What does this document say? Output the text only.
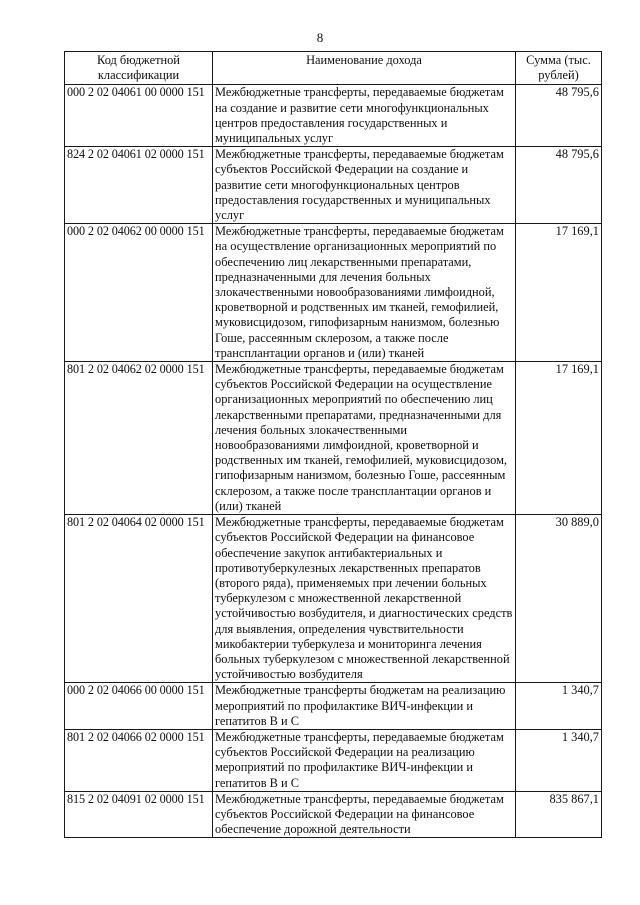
8
Код бюджетной классификации	Наименование дохода	Сумма (тыс. рублей)
000 2 02 04061 00 0000 151	Межбюджетные трансферты, передаваемые бюджетам на создание и развитие сети многофункциональных центров предоставления государственных и муниципальных услуг	48 795,6
824 2 02 04061 02 0000 151	Межбюджетные трансферты, передаваемые бюджетам субъектов Российской Федерации на создание и развитие сети многофункциональных центров предоставления государственных и муниципальных услуг	48 795,6
000 2 02 04062 00 0000 151	Межбюджетные трансферты, передаваемые бюджетам на осуществление организационных мероприятий по обеспечению лиц лекарственными препаратами, предназначенными для лечения больных злокачественными новообразованиями лимфоидной, кроветворной и родственных им тканей, гемофилией, муковисцидозом, гипофизарным нанизмом, болезнью Гоше, рассеянным склерозом, а также после трансплантации органов и (или) тканей	17 169,1
801 2 02 04062 02 0000 151	Межбюджетные трансферты, передаваемые бюджетам субъектов Российской Федерации на осуществление организационных мероприятий по обеспечению лиц лекарственными препаратами, предназначенными для лечения больных злокачественными новообразованиями лимфоидной, кроветворной и родственных им тканей, гемофилией, муковисцидозом, гипофизарным нанизмом, болезнью Гоше, рассеянным склерозом, а также после трансплантации органов и (или) тканей	17 169,1
801 2 02 04064 02 0000 151	Межбюджетные трансферты, передаваемые бюджетам субъектов Российской Федерации на финансовое обеспечение закупок антибактериальных и противотуберкулезных лекарственных препаратов (второго ряда), применяемых при лечении больных туберкулезом с множественной лекарственной устойчивостью возбудителя, и диагностических средств для выявления, определения чувствительности микобактерии туберкулеза и мониторинга лечения больных туберкулезом с множественной лекарственной устойчивостью возбудителя	30 889,0
000 2 02 04066 00 0000 151	Межбюджетные трансферты бюджетам на реализацию мероприятий по профилактике ВИЧ-инфекции и гепатитов В и С	1 340,7
801 2 02 04066 02 0000 151	Межбюджетные трансферты, передаваемые бюджетам субъектов Российской Федерации на реализацию мероприятий по профилактике ВИЧ-инфекции и гепатитов В и С	1 340,7
815 2 02 04091 02 0000 151	Межбюджетные трансферты, передаваемые бюджетам субъектов Российской Федерации на финансовое обеспечение дорожной деятельности	835 867,1
